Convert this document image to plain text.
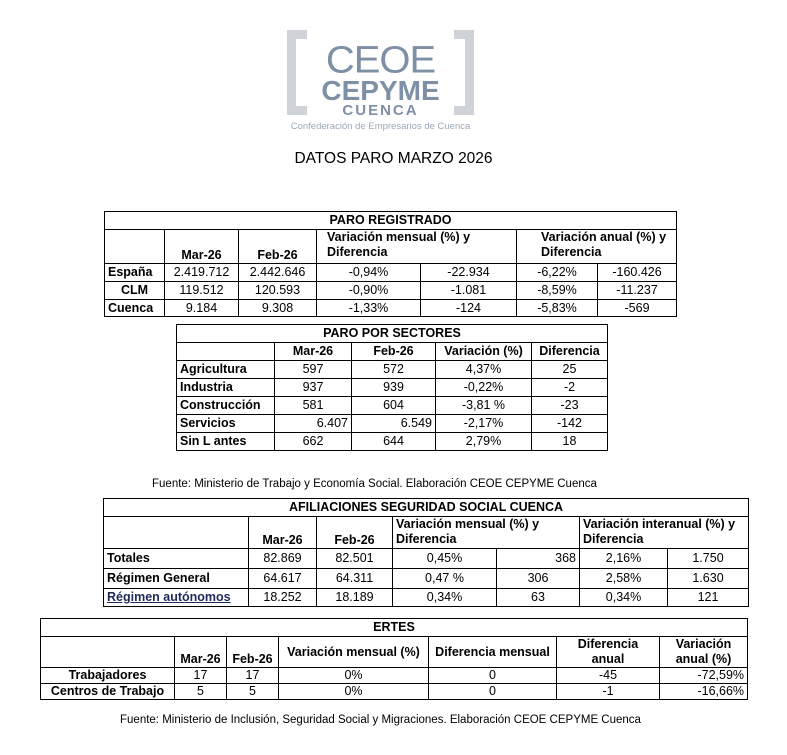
CEOE
CEPYME
CUENCA
Confederación de Empresarios de Cuenca
DATOS PARO MARZO 2026
PARO REGISTRADO						
	Mar-26	Feb-26	Variación mensual (%) y Diferencia		Variación anual (%) y Diferencia	
España	2.419.712	2.442.646	-0,94%	-22.934	-6,22%	-160.426
CLM	119.512	120.593	-0,90%	-1.081	-8,59%	-11.237
Cuenca	9.184	9.308	-1,33%	-124	-5,83%	-569
PARO POR SECTORES				
	Mar-26	Feb-26	Variación (%)	Diferencia
Agricultura	597	572	4,37%	25
Industria	937	939	-0,22%	-2
Construcción	581	604	-3,81 %	-23
Servicios	6.407	6.549	-2,17%	-142
Sin L antes	662	644	2,79%	18
Fuente: Ministerio de Trabajo y Economía Social. Elaboración CEOE CEPYME Cuenca
AFILIACIONES SEGURIDAD SOCIAL CUENCA						
	Mar-26	Feb-26	Variación mensual (%) y Diferencia		Variación interanual (%) y Diferencia	
Totales	82.869	82.501	0,45%	368	2,16%	1.750
Régimen General	64.617	64.311	0,47 %	306	2,58%	1.630
Régimen autónomos	18.252	18.189	0,34%	63	0,34%	121
ERTES						
	Mar-26	Feb-26	Variación mensual (%)	Diferencia mensual	Diferencia anual	Variación anual (%)
Trabajadores	17	17	0%	0	-45	-72,59%
Centros de Trabajo	5	5	0%	0	-1	-16,66%
Fuente: Ministerio de Inclusión, Seguridad Social y Migraciones. Elaboración CEOE CEPYME Cuenca
